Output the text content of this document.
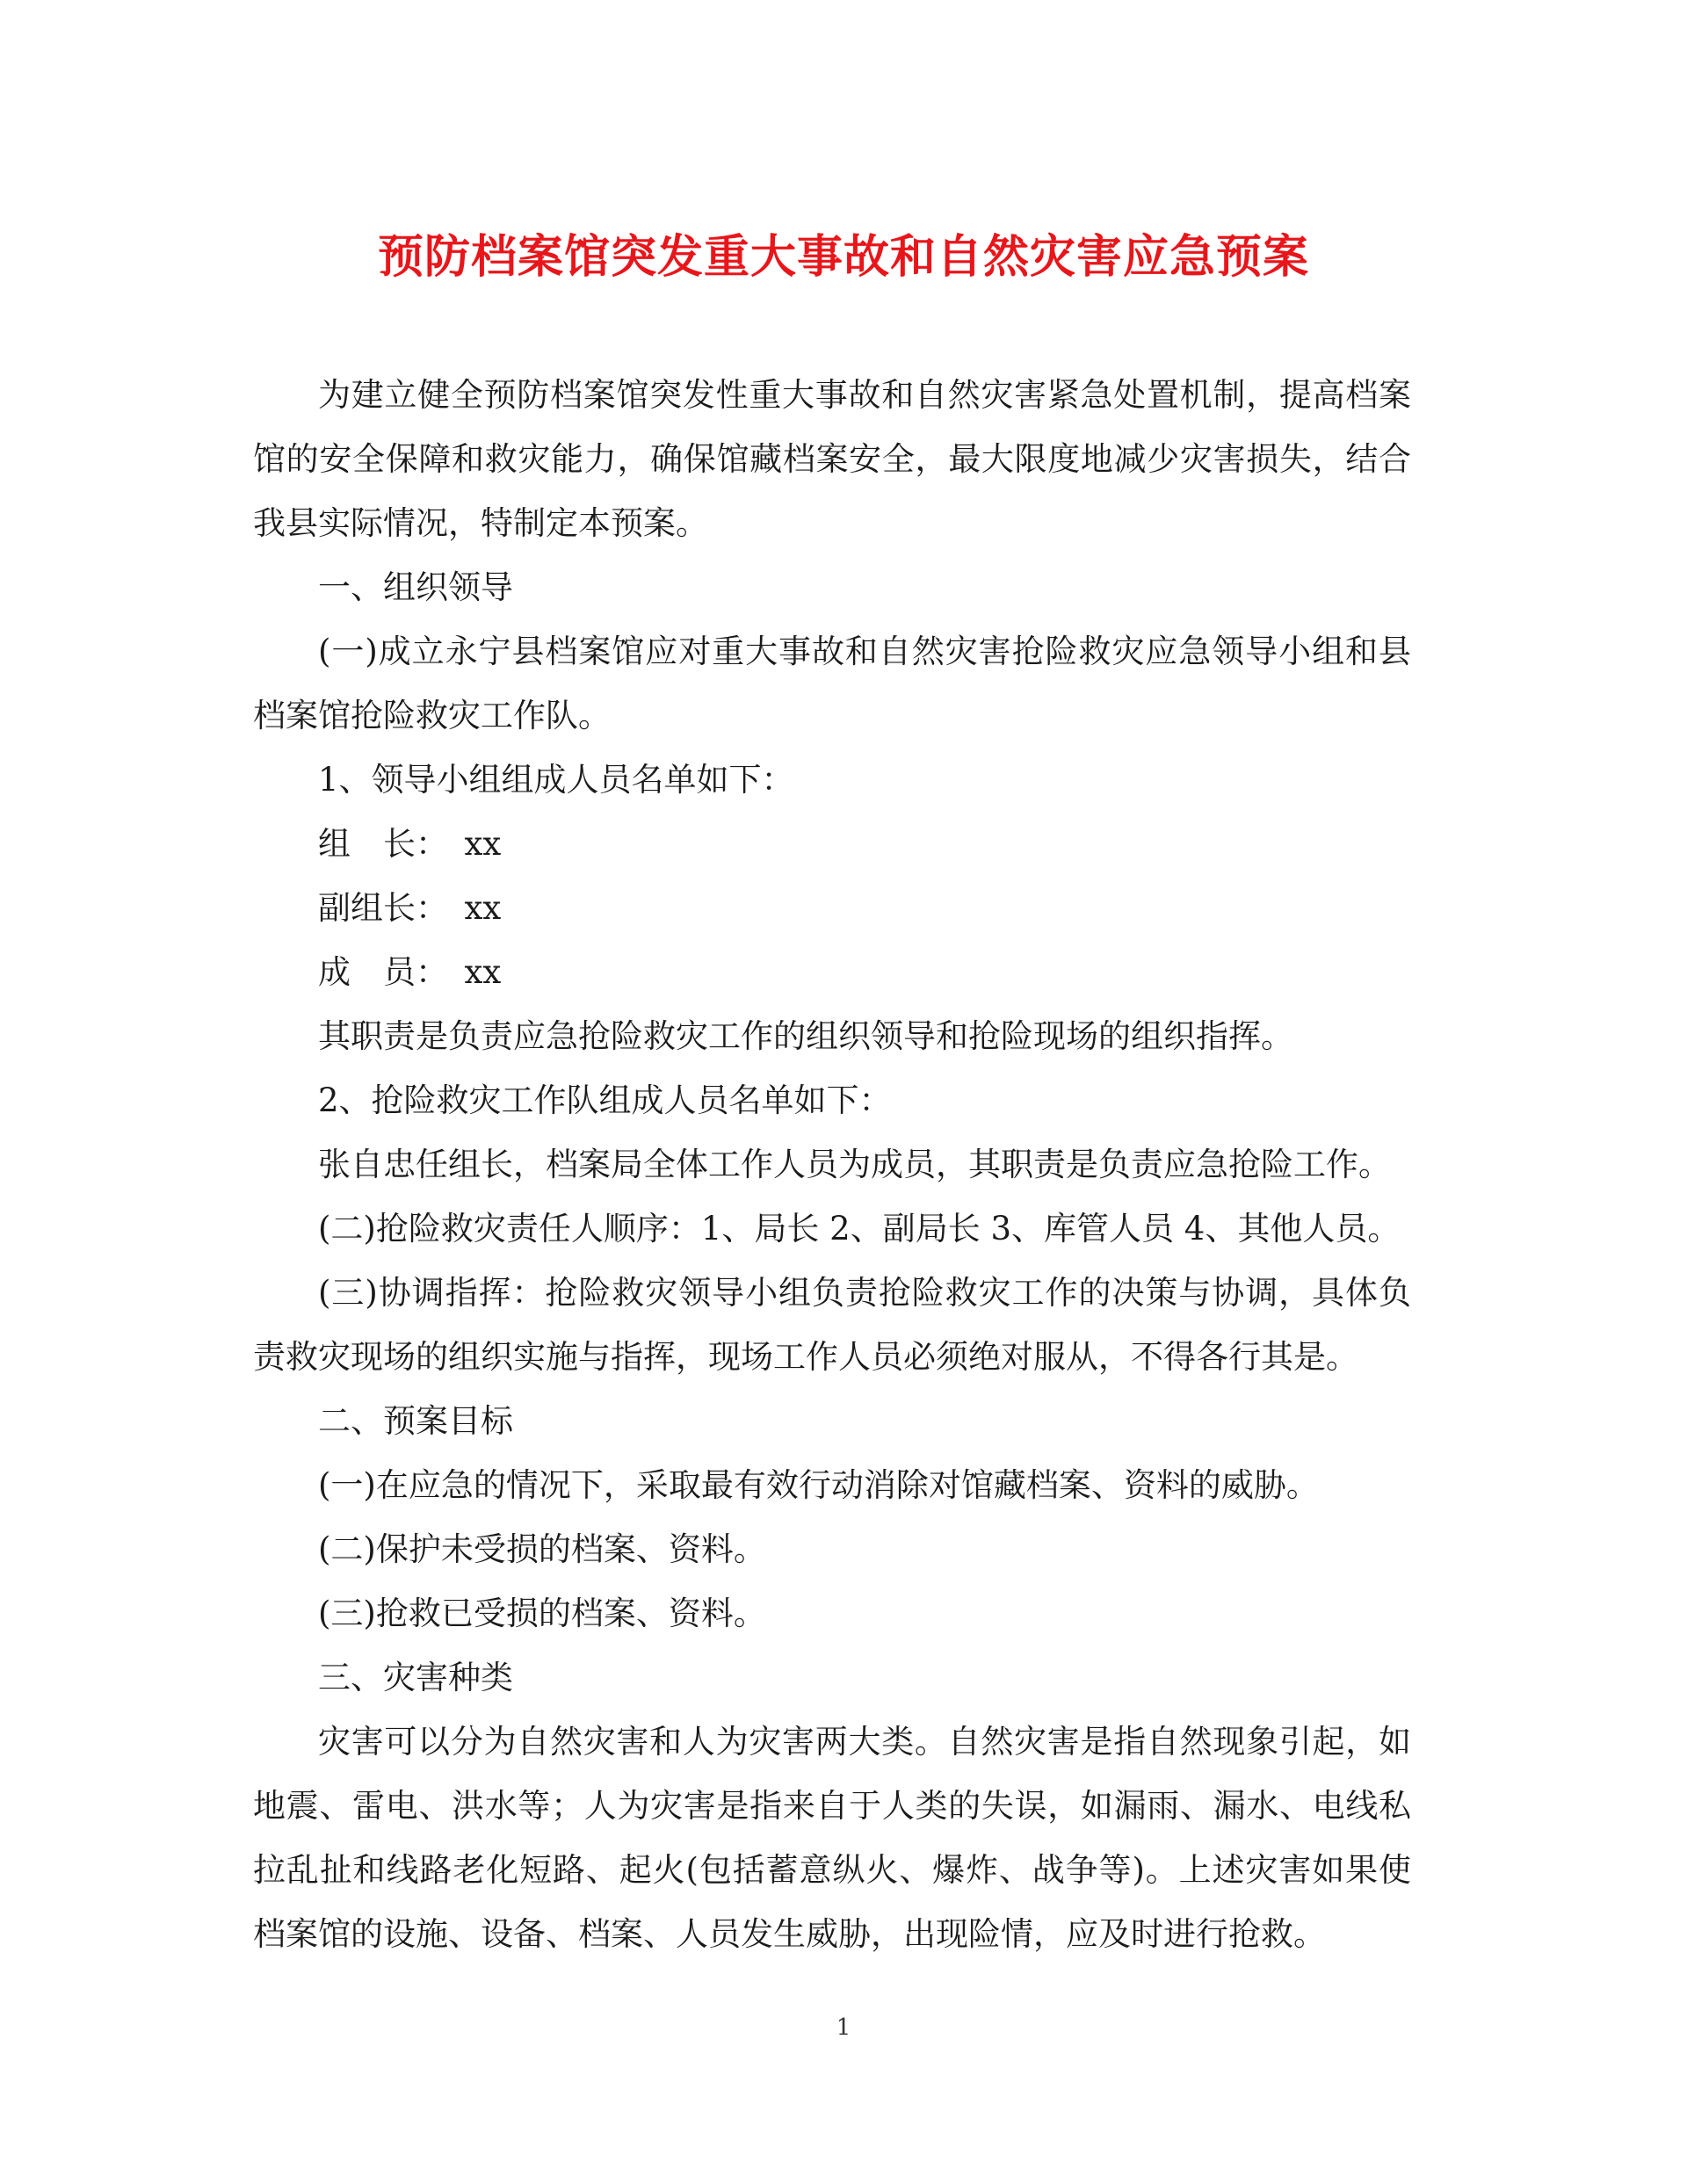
预防档案馆突发重大事故和自然灾害应急预案

为建立健全预防档案馆突发性重大事故和自然灾害紧急处置机制，提高档案馆的安全保障和救灾能力，确保馆藏档案安全，最大限度地减少灾害损失，结合我县实际情况，特制定本预案。

一、组织领导

(一)成立永宁县档案馆应对重大事故和自然灾害抢险救灾应急领导小组和县档案馆抢险救灾工作队。

1、领导小组组成人员名单如下：

组　长：　xx

副组长：　xx

成　员：　xx

其职责是负责应急抢险救灾工作的组织领导和抢险现场的组织指挥。

2、抢险救灾工作队组成人员名单如下：

张自忠任组长，档案局全体工作人员为成员，其职责是负责应急抢险工作。

(二)抢险救灾责任人顺序：1、局长 2、副局长 3、库管人员 4、其他人员。

(三)协调指挥：抢险救灾领导小组负责抢险救灾工作的决策与协调，具体负责救灾现场的组织实施与指挥，现场工作人员必须绝对服从，不得各行其是。

二、预案目标

(一)在应急的情况下，采取最有效行动消除对馆藏档案、资料的威胁。

(二)保护未受损的档案、资料。

(三)抢救已受损的档案、资料。

三、灾害种类

灾害可以分为自然灾害和人为灾害两大类。自然灾害是指自然现象引起，如地震、雷电、洪水等；人为灾害是指来自于人类的失误，如漏雨、漏水、电线私拉乱扯和线路老化短路、起火(包括蓄意纵火、爆炸、战争等)。上述灾害如果使档案馆的设施、设备、档案、人员发生威胁，出现险情，应及时进行抢救。

1
